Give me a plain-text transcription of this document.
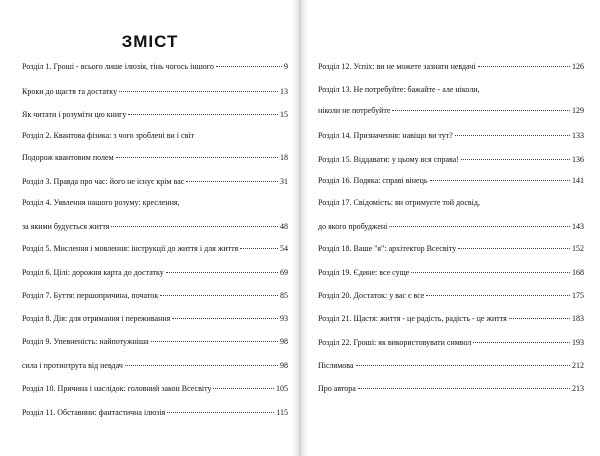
ЗМІСТ
Розділ 1. Гроші - всього лише ілюзія, тінь чогось іншого	9
Кроки до щастя та достатку	13
Як читати і розуміти цю книгу	15
Розділ 2. Квантова фізика: з чого зроблені ви і світ
Подорож квантовим полем	18
Розділ 3. Правда про час: його не існує крім вас	31
Розділ 4. Уявлення нашого розуму: креслення,
за якими будується життя	48
Розділ 5. Мислення і мовлення: інструкції до життя і для життя	54
Розділ 6. Цілі: дорожня карта до достатку	69
Розділ 7. Буття: першопричина, початок	85
Розділ 8. Дія: для отримання і переживання	93
Розділ 9. Упевненість: найпотужніша	98
сила і протиотрута від невдач	98
Розділ 10. Причина і наслідок: головний закон Всесвіту	105
Розділ 11. Обставини: фантастична ілюзія	115
Розділ 12. Успіх: ви не можете зазнати невдачі	126
Розділ 13. Не потребуйте: бажайте - але ніколи,
ніколи не потребуйте	129
Розділ 14. Призначення: навіщо ви тут?	133
Розділ 15. Віддавати: у цьому вся справа!	136
Розділ 16. Подяка: справі вінець	141
Розділ 17. Свідомість: ви отримуєте той досвід,
до якого пробуджені	143
Розділ 18. Ваше "я": архітектор Всесвіту	152
Розділ 19. Єдине: все суще	168
Розділ 20. Достаток: у вас є все	175
Розділ 21. Щастя: життя - це радість, радість - це життя	183
Розділ 22. Гроші: як використовувати символ	193
Післямова	212
Про автора	213
